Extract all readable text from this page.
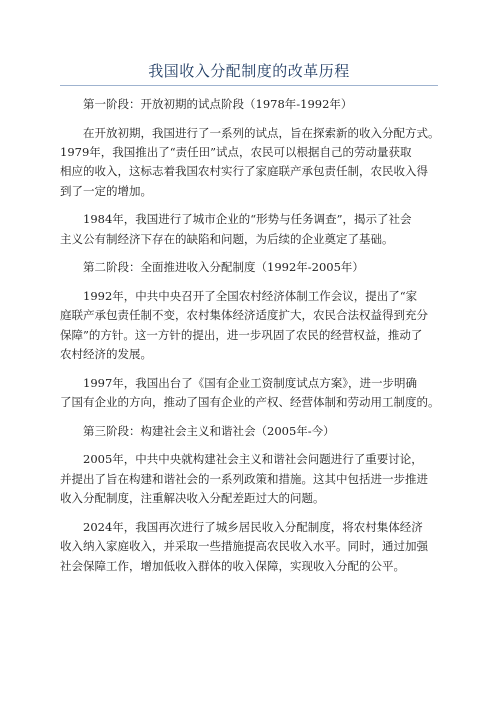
我国收入分配制度的改革历程
第一阶段：开放初期的试点阶段（1978年-1992年）
在开放初期，我国进行了一系列的试点，旨在探索新的收入分配方式。
1979年，我国推出了“责任田”试点，农民可以根据自己的劳动量获取
相应的收入，这标志着我国农村实行了家庭联产承包责任制，农民收入得
到了一定的增加。
1984年，我国进行了城市企业的“形势与任务调查”，揭示了社会
主义公有制经济下存在的缺陷和问题，为后续的企业奠定了基础。
第二阶段：全面推进收入分配制度（1992年-2005年）
1992年，中共中央召开了全国农村经济体制工作会议，提出了“家
庭联产承包责任制不变，农村集体经济适度扩大，农民合法权益得到充分
保障”的方针。这一方针的提出，进一步巩固了农民的经营权益，推动了
农村经济的发展。
1997年，我国出台了《国有企业工资制度试点方案》，进一步明确
了国有企业的方向，推动了国有企业的产权、经营体制和劳动用工制度的。
第三阶段：构建社会主义和谐社会（2005年-今）
2005年，中共中央就构建社会主义和谐社会问题进行了重要讨论，
并提出了旨在构建和谐社会的一系列政策和措施。这其中包括进一步推进
收入分配制度，注重解决收入分配差距过大的问题。
2024年，我国再次进行了城乡居民收入分配制度，将农村集体经济
收入纳入家庭收入，并采取一些措施提高农民收入水平。同时，通过加强
社会保障工作，增加低收入群体的收入保障，实现收入分配的公平。
